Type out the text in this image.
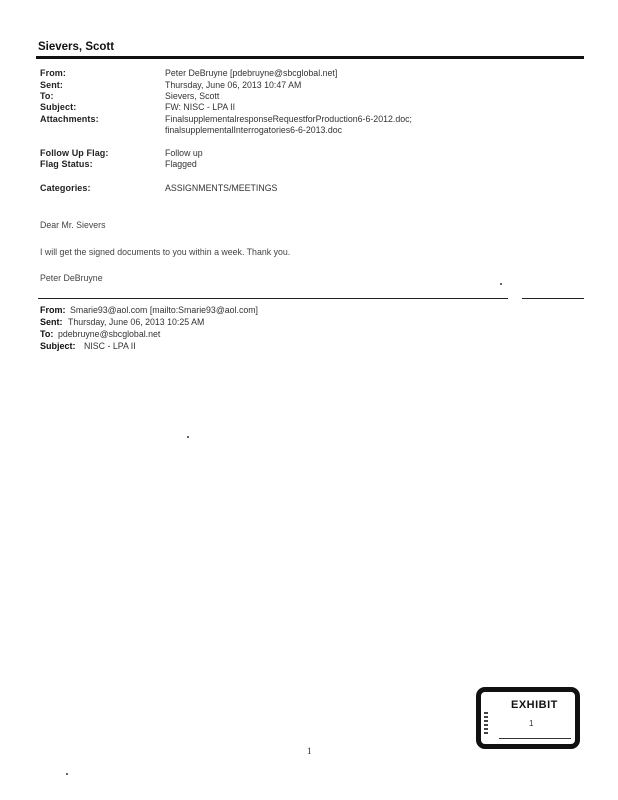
Sievers, Scott
From:	Peter DeBruyne [pdebruyne@sbcglobal.net]
Sent:	Thursday, June 06, 2013 10:47 AM
To:	Sievers, Scott
Subject:	FW: NISC - LPA II
Attachments:	FinalsupplementalresponseRequestforProduction6-6-2012.doc;
finalsupplementalInterrogatories6-6-2013.doc
Follow Up Flag:	Follow up
Flag Status:	Flagged
Categories:	ASSIGNMENTS/MEETINGS
Dear Mr. Sievers
I will get the signed documents to you within a week. Thank you.
Peter DeBruyne
From: Smarie93@aol.com [mailto:Smarie93@aol.com]
Sent: Thursday, June 06, 2013 10:25 AM
To: pdebruyne@sbcglobal.net
Subject: NISC - LPA II
EXHIBIT
1
1
